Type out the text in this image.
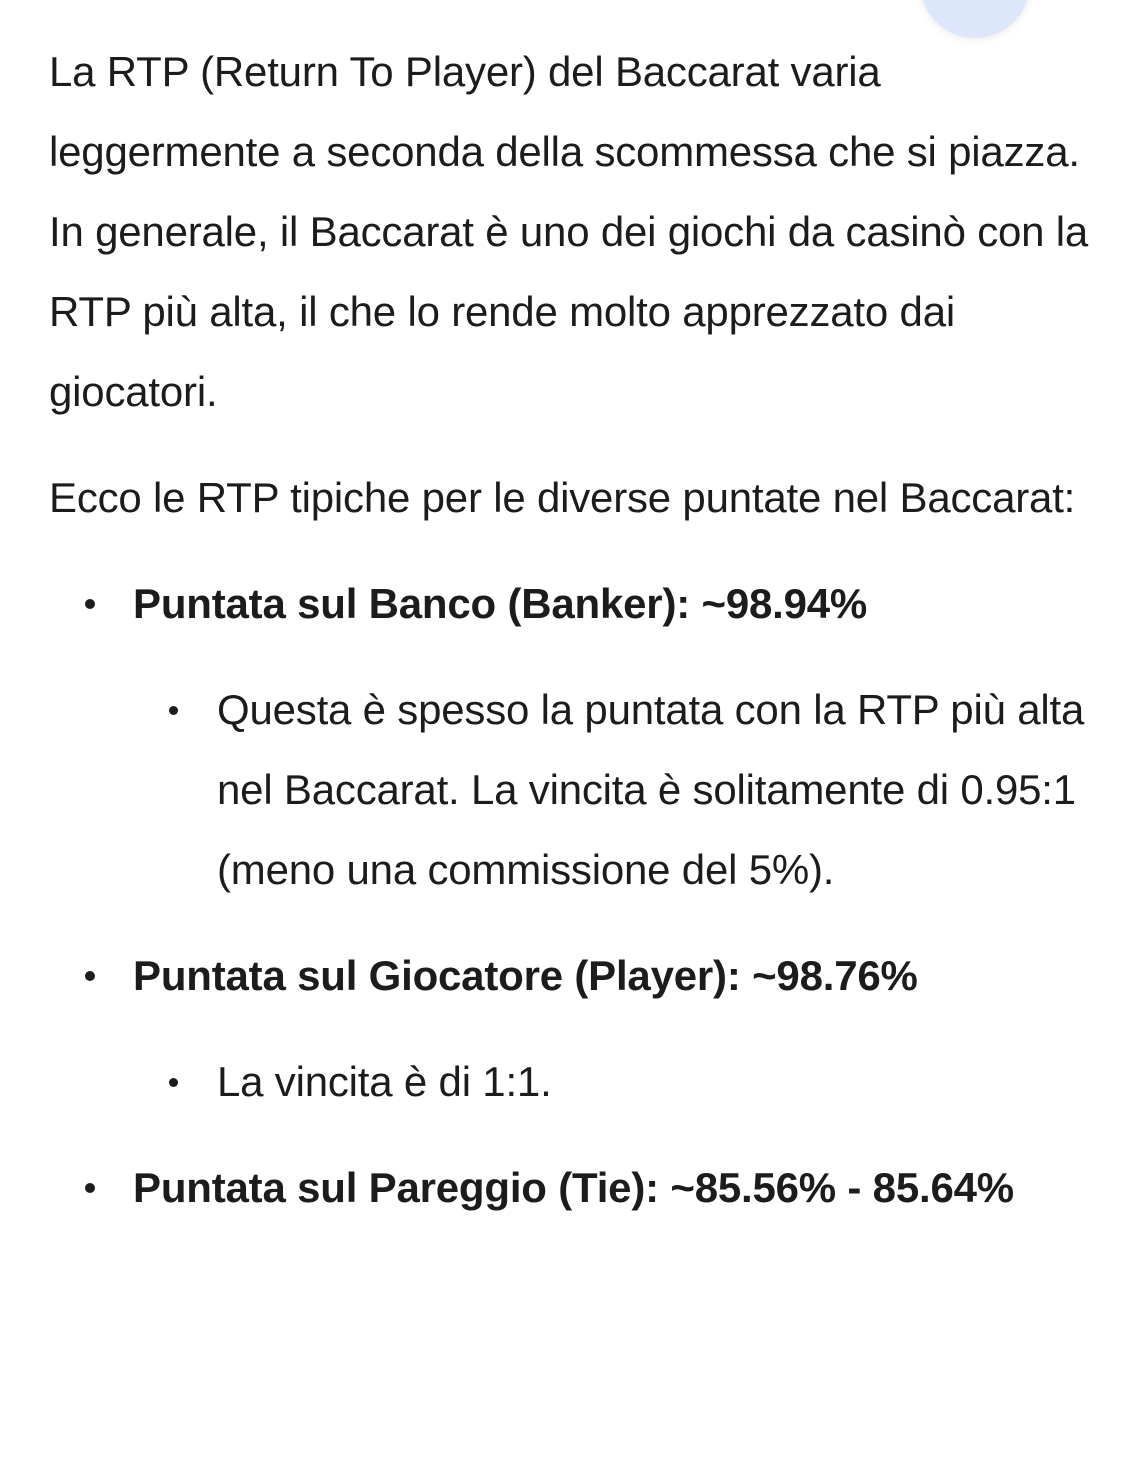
La RTP (Return To Player) del Baccarat varia leggermente a seconda della scommessa che si piazza. In generale, il Baccarat è uno dei giochi da casinò con la RTP più alta, il che lo rende molto apprezzato dai giocatori.

Ecco le RTP tipiche per le diverse puntate nel Baccarat:

Puntata sul Banco (Banker): ~98.94%
Questa è spesso la puntata con la RTP più alta nel Baccarat. La vincita è solitamente di 0.95:1 (meno una commissione del 5%).
Puntata sul Giocatore (Player): ~98.76%
La vincita è di 1:1.
Puntata sul Pareggio (Tie): ~85.56% - 85.64%
